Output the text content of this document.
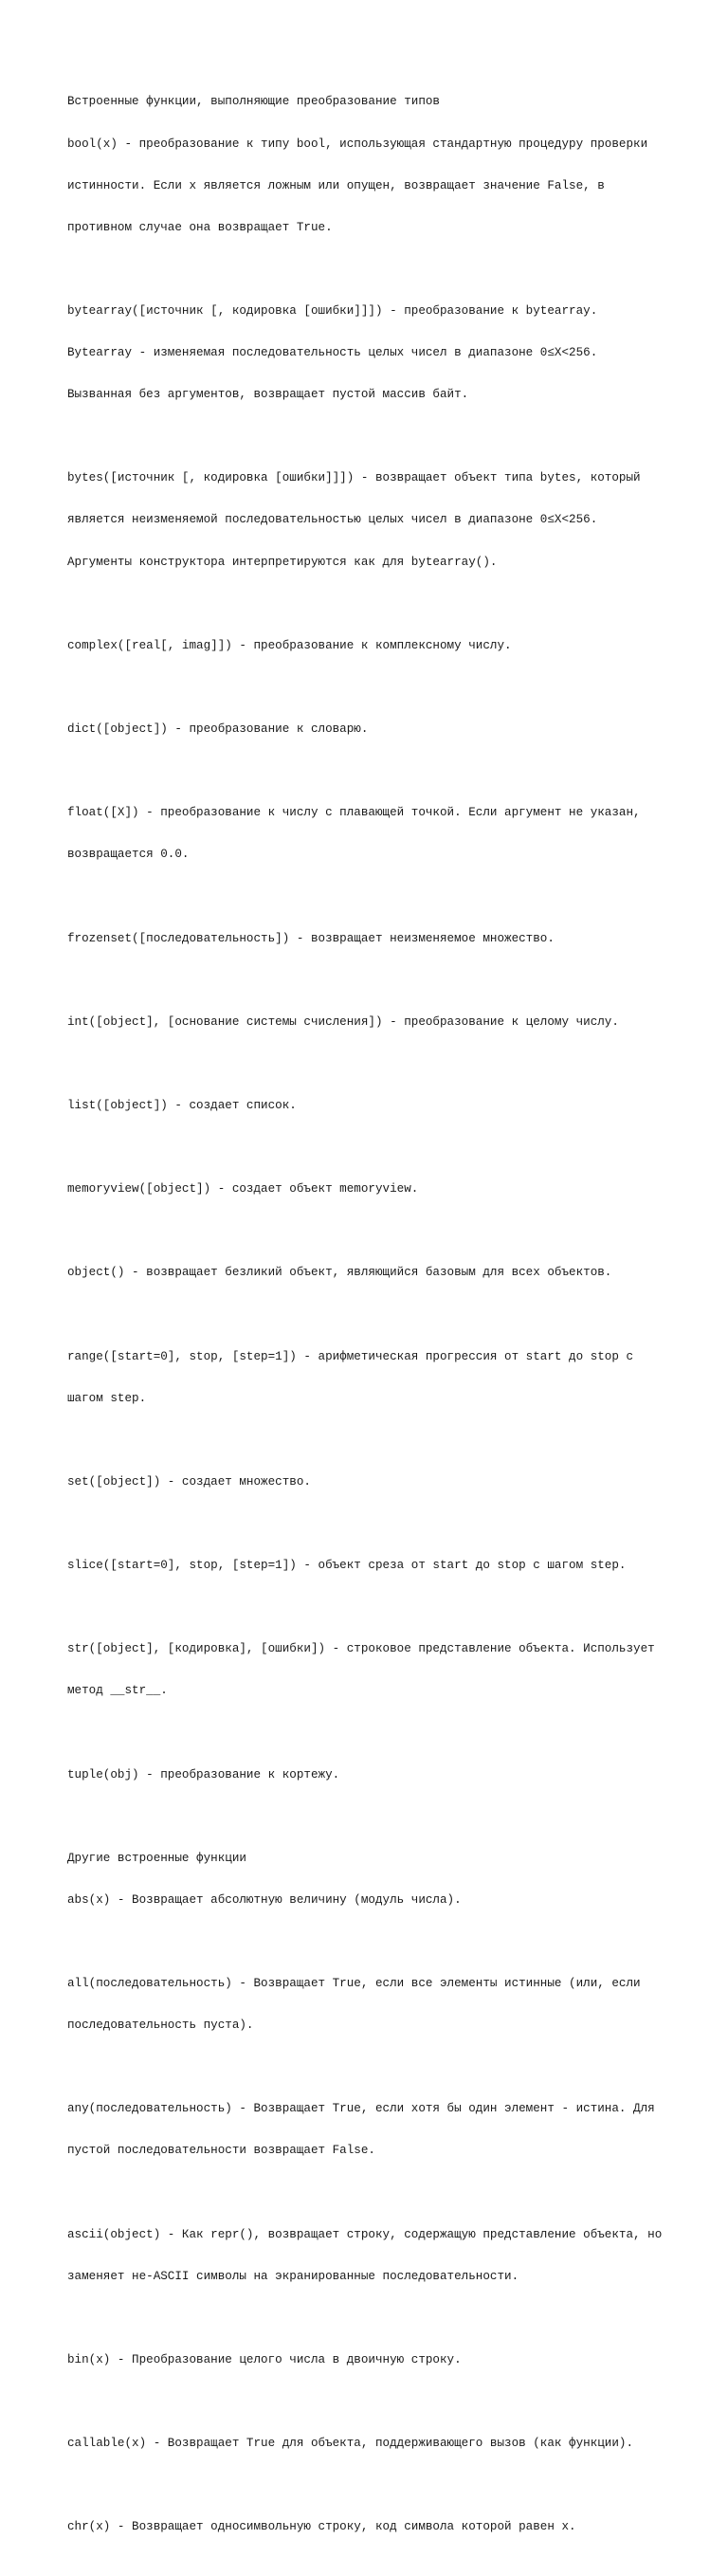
Встроенные функции, выполняющие преобразование типов

bool(x) - преобразование к типу bool, использующая стандартную процедуру проверки

истинности. Если х является ложным или опущен, возвращает значение False, в

противном случае она возвращает True.

bytearray([источник [, кодировка [ошибки]]]) - преобразование к bytearray.

Bytearray - изменяемая последовательность целых чисел в диапазоне 0≤X<256.

Вызванная без аргументов, возвращает пустой массив байт.

bytes([источник [, кодировка [ошибки]]]) - возвращает объект типа bytes, который

является неизменяемой последовательностью целых чисел в диапазоне 0≤X<256.

Аргументы конструктора интерпретируются как для bytearray().

complex([real[, imag]]) - преобразование к комплексному числу.

dict([object]) - преобразование к словарю.

float([X]) - преобразование к числу с плавающей точкой. Если аргумент не указан,

возвращается 0.0.

frozenset([последовательность]) - возвращает неизменяемое множество.

int([object], [основание системы счисления]) - преобразование к целому числу.

list([object]) - создает список.

memoryview([object]) - создает объект memoryview.

object() - возвращает безликий объект, являющийся базовым для всех объектов.

range([start=0], stop, [step=1]) - арифметическая прогрессия от start до stop с

шагом step.

set([object]) - создает множество.

slice([start=0], stop, [step=1]) - объект среза от start до stop с шагом step.

str([object], [кодировка], [ошибки]) - строковое представление объекта. Использует

метод __str__.

tuple(obj) - преобразование к кортежу.

Другие встроенные функции

abs(x) - Возвращает абсолютную величину (модуль числа).

all(последовательность) - Возвращает True, если все элементы истинные (или, если

последовательность пуста).

any(последовательность) - Возвращает True, если хотя бы один элемент - истина. Для

пустой последовательности возвращает False.

ascii(object) - Как repr(), возвращает строку, содержащую представление объекта, но

заменяет не-ASCII символы на экранированные последовательности.

bin(x) - Преобразование целого числа в двоичную строку.

callable(x) - Возвращает True для объекта, поддерживающего вызов (как функции).

chr(x) - Возвращает односимвольную строку, код символа которой равен x.
